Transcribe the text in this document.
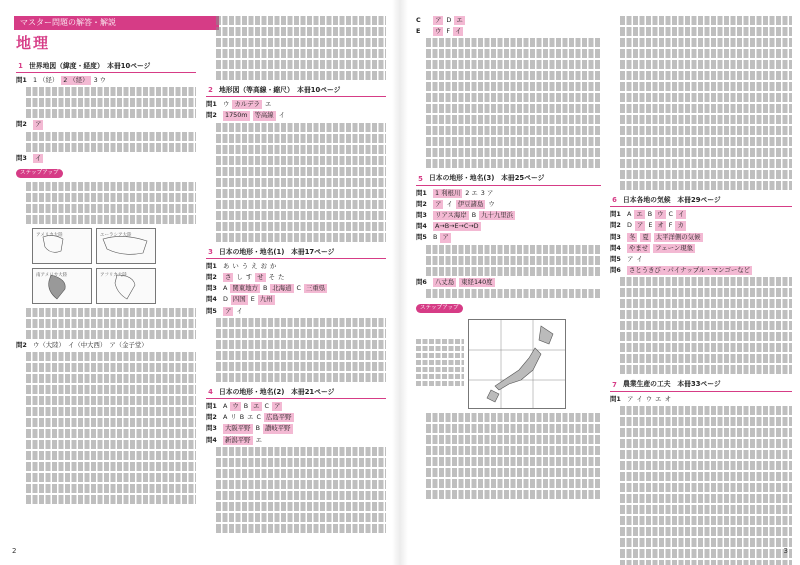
マスター問題の解答・解説
地理
1 世界地図（緯度・経度）　本冊10ページ
問1 1 （経） 2 （経） 3 ウ
問2	ア
問3	イ
ステップアップ
アメリカ大陸	ユーラシア大陸
南アメリカ大陸	アフリカ大陸
問2 ウ（大陸） イ（中大西） ア（金子堂）
2 地形図（等高線・縮尺）　本冊10ページ
問1 ウ カルデラ エ
問2	1750m	等高線 イ
3 日本の地形・地名(1)　本冊17ページ
問1 あ い う え お か
問2	さ し す せ そ た
問3 A 関東地方 B 北海道 C 三重県
問4 D 四国 E 九州
問5	ア イ
4 日本の地形・地名(2)　本冊21ページ
問1 A ウ B エ C ア
問2 A リ B エ C 広島平野
問3	大阪平野 B 讃岐平野
問4	新潟平野 エ
2
C	ア D エ
E	ウ F イ
5 日本の地形・地名(3)　本冊25ページ
問1	1 利根川 2 エ 3 ア
問2	ア イ 伊豆諸島 ウ
問3	リアス海岸 B 九十九里浜
問4	A→B→E→C→D
問5 B ア
問6	八丈島	東経140度
ステップアップ
6 日本各地の気候　本冊29ページ
問1 A エ B ウ C イ
問2 D ア E オ F カ
問3	冬	夏	太平洋側の気候
問4	やませ	フェーン現象
問5 ア イ
問6	さとうきび・パイナップル・マンゴーなど
7 農業生産の工夫　本冊33ページ
問1 ア イ ウ エ オ
3
